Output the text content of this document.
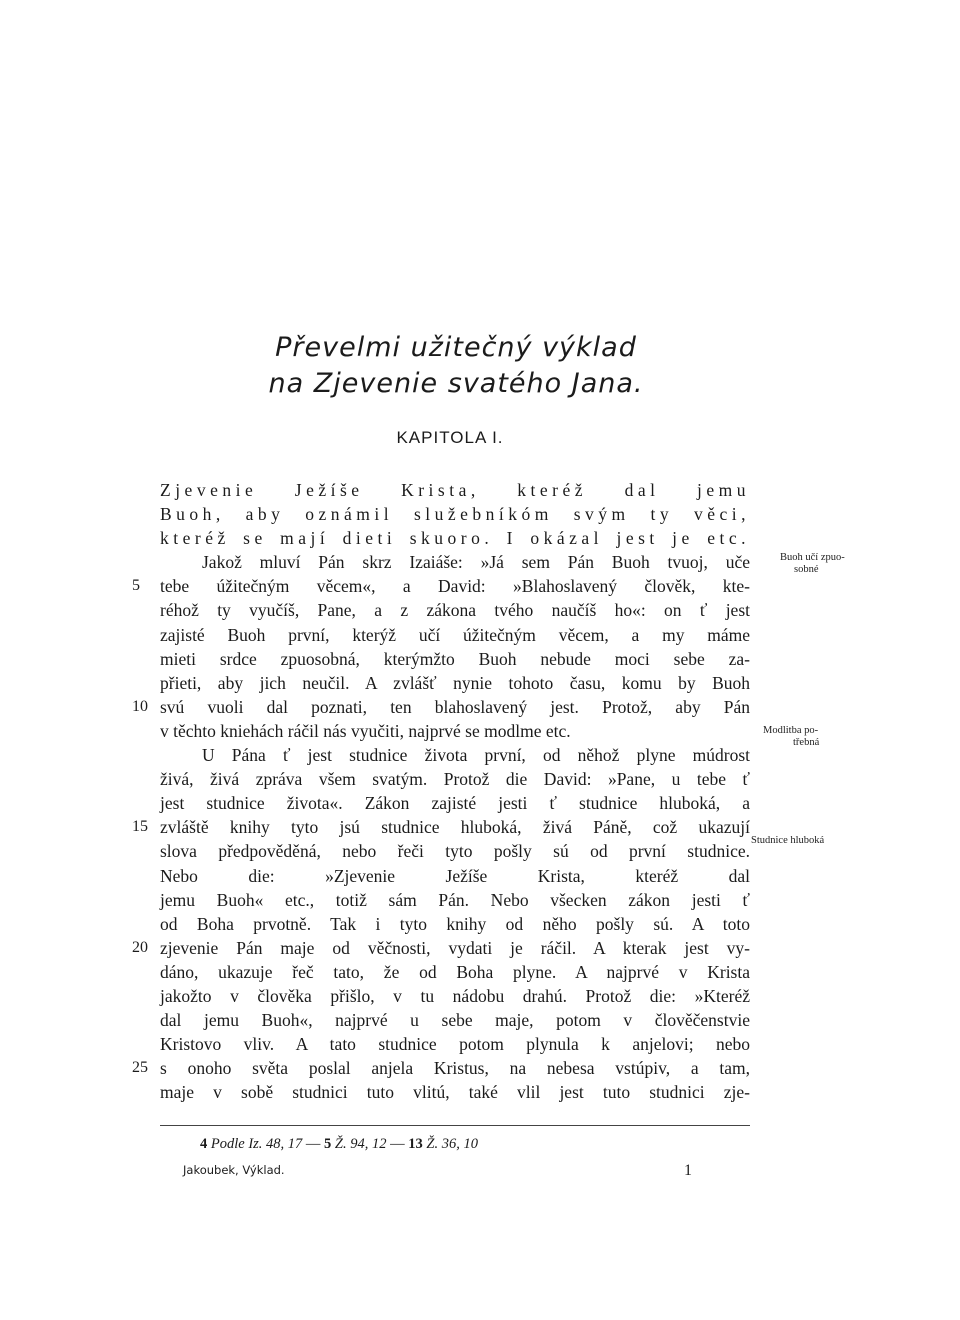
Převelmi užitečný výklad
na Zjevenie svatého Jana.
KAPITOLA I.
Zjevenie Ježíše Krista, kteréž dal jemu
Buoh, aby oznámil služebníkóm svým ty věci,
kteréž se mají dieti skuoro. I okázal jest je etc.
Jakož mluví Pán skrz Izaiáše: »Já sem Pán Buoh tvuoj, uče
5	tebe úžitečným věcem«, a David: »Blahoslavený člověk, kte-
réhož ty vyučíš, Pane, a z zákona tvého naučíš ho«: on ť jest
zajisté Buoh první, kterýž učí úžitečným věcem, a my máme
mieti srdce zpuosobná, kterýmžto Buoh nebude moci sebe za-
přieti, aby jich neučil. A zvlášť nynie tohoto času, komu by Buoh
10 svú vuoli dal poznati, ten blahoslavený jest. Protož, aby Pán
v těchto kniehách ráčil nás vyučiti, najprvé se modlme etc.
U Pána ť jest studnice života první, od něhož plyne múdrost
živá, živá zpráva všem svatým. Protož die David: »Pane, u tebe ť
jest studnice života«. Zákon zajisté jesti ť studnice hluboká, a
15 zvláště knihy tyto jsú studnice hluboká, živá Páně, což ukazují
slova předpověděná, nebo řeči tyto pošly sú od první studnice.
Nebo die: »Zjevenie Ježíše Krista, kteréž dal
jemu Buoh« etc., totiž sám Pán. Nebo všecken zákon jesti ť
od Boha prvotně. Tak i tyto knihy od něho pošly sú. A toto
20 zjevenie Pán maje od věčnosti, vydati je ráčil. A kterak jest vy-
dáno, ukazuje řeč tato, že od Boha plyne. A najprvé v Krista
jakožto v člověka přišlo, v tu nádobu drahú. Protož die: »Kteréž
dal jemu Buoh«, najprvé u sebe maje, potom v člověčenstvie
Kristovo vliv. A tato studnice potom plynula k anjelovi; nebo
25 s onoho světa poslal anjela Kristus, na nebesa vstúpiv, a tam,
maje v sobě studnici tuto vlitú, také vlil jest tuto studnici zje-
Buoh učí zpuo-
sobné
Modlitba po-
třebná
Studnice hluboká
4 Podle Iz. 48, 17 — 5 Ž. 94, 12 — 13 Ž. 36, 10
Jakoubek, Výklad.	1
